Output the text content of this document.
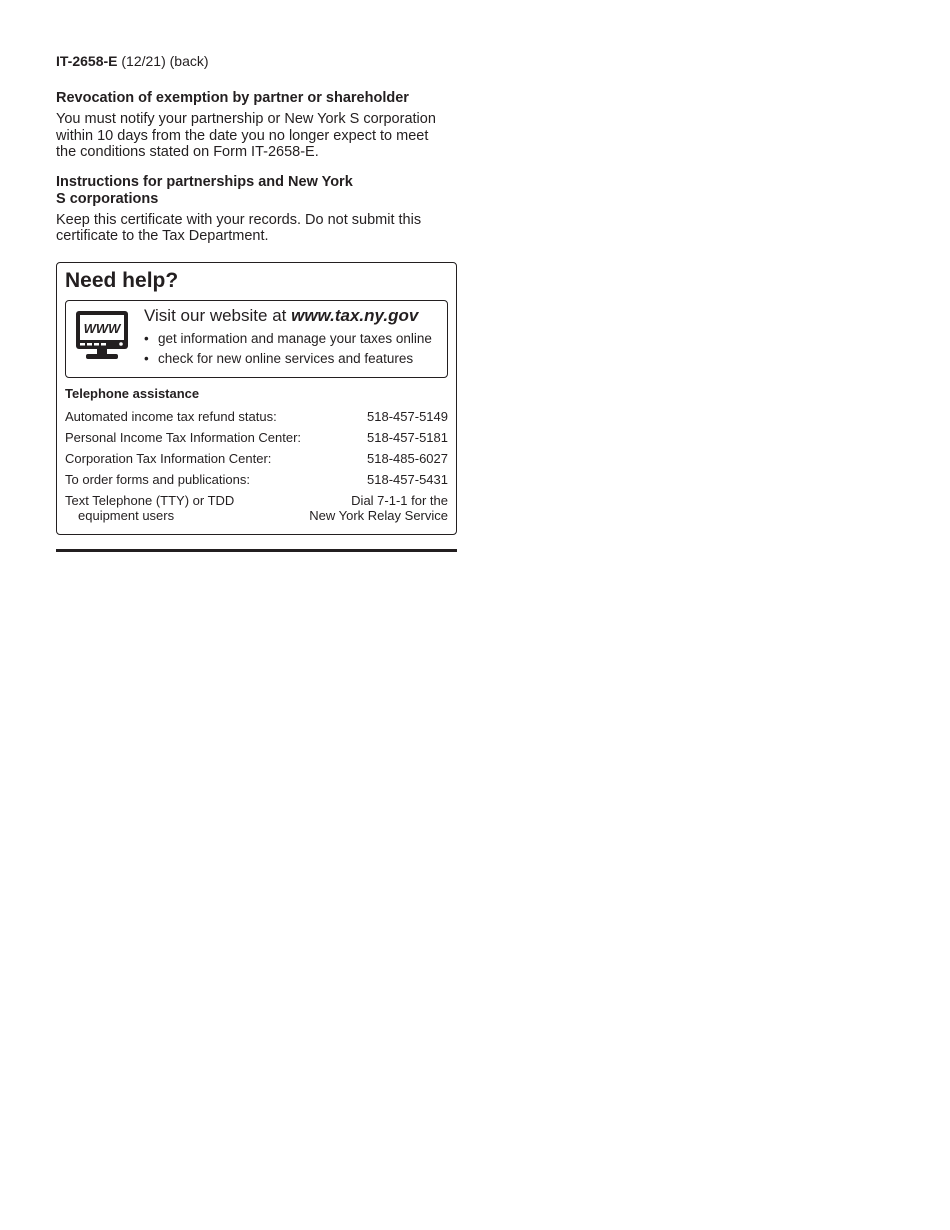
IT-2658-E (12/21) (back)

Revocation of exemption by partner or shareholder

You must notify your partnership or New York S corporation
within 10 days from the date you no longer expect to meet
the conditions stated on Form IT-2658-E.

Instructions for partnerships and New York
S corporations

Keep this certificate with your records. Do not submit this
certificate to the Tax Department.

Need help?
WWW

Visit our website at www.tax.ny.gov

• get information and manage your taxes online
• check for new online services and features
Telephone assistance
Automated income tax refund status:	518-457-5149
Personal Income Tax Information Center:	518-457-5181
Corporation Tax Information Center:	518-485-6027
To order forms and publications:	518-457-5431

Text Telephone (TTY) or TDD
equipment users	Dial 7-1-1 for the
New York Relay Service
